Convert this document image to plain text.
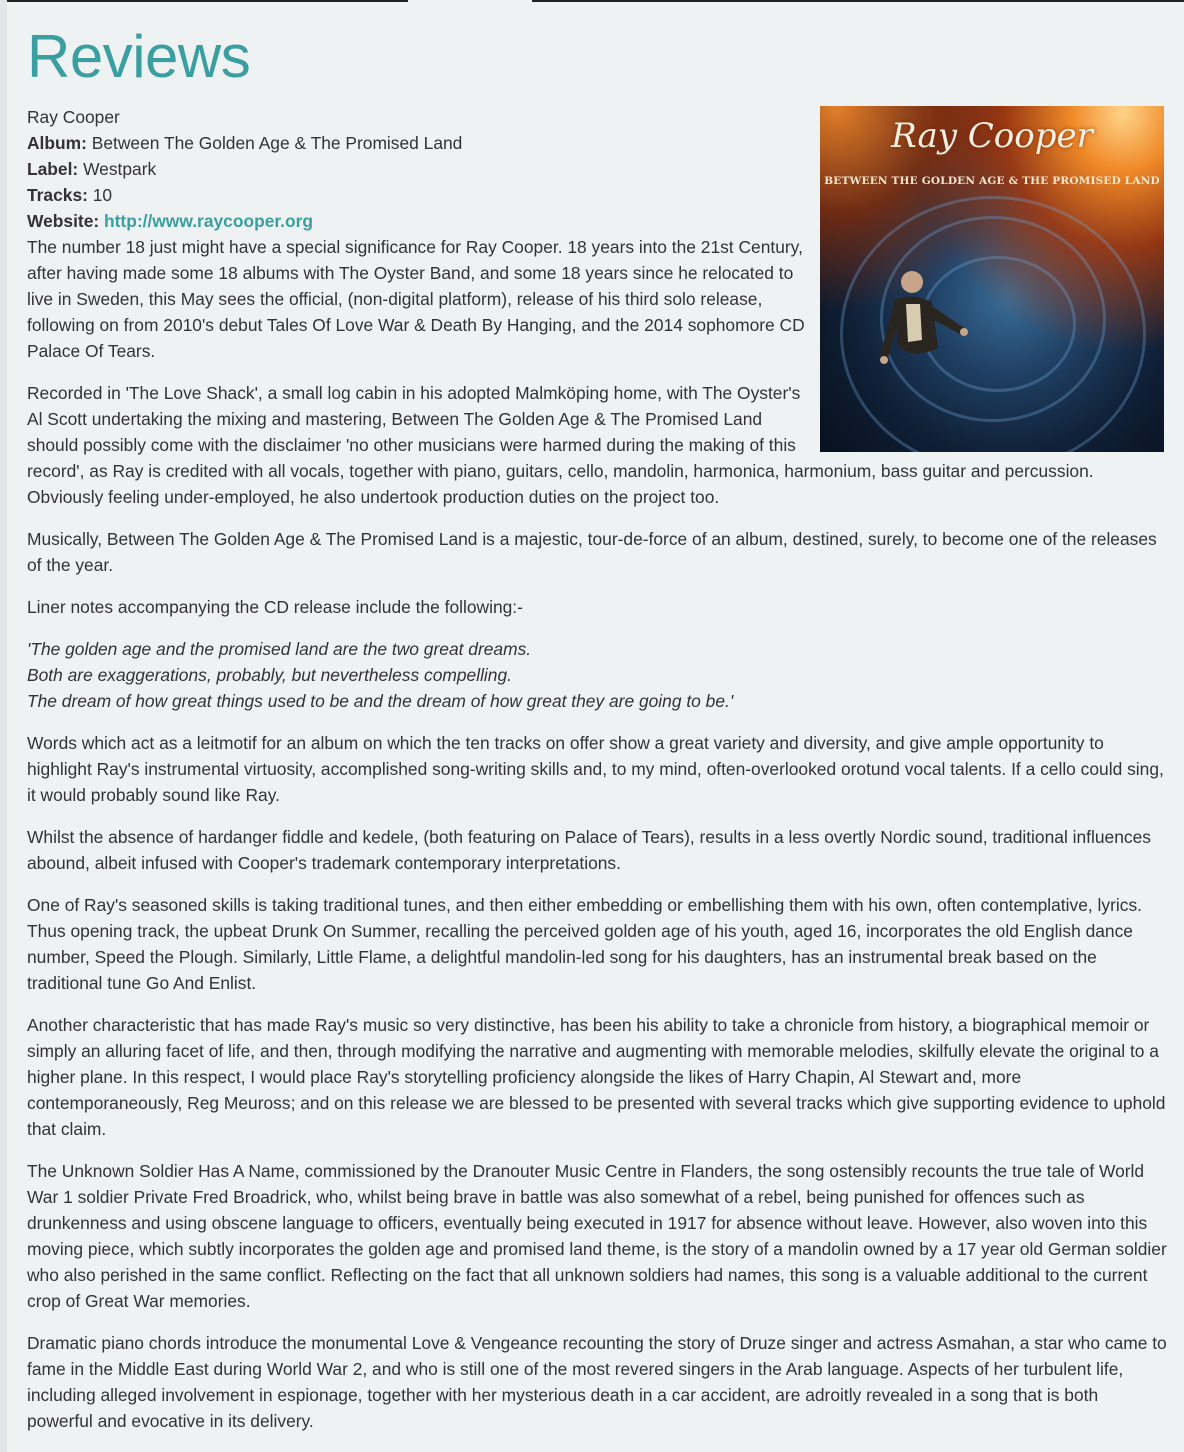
Reviews
Ray Cooper
BETWEEN THE GOLDEN AGE & THE PROMISED LAND
Ray Cooper
Album: Between The Golden Age & The Promised Land
Label: Westpark
Tracks: 10
Website: http://www.raycooper.org

The number 18 just might have a special significance for Ray Cooper. 18 years into the 21st Century, after having made some 18 albums with The Oyster Band, and some 18 years since he relocated to live in Sweden, this May sees the official, (non-digital platform), release of his third solo release, following on from 2010's debut Tales Of Love War & Death By Hanging, and the 2014 sophomore CD Palace Of Tears.

Recorded in 'The Love Shack', a small log cabin in his adopted Malmköping home, with The Oyster's Al Scott undertaking the mixing and mastering, Between The Golden Age & The Promised Land should possibly come with the disclaimer 'no other musicians were harmed during the making of this record', as Ray is credited with all vocals, together with piano, guitars, cello, mandolin, harmonica, harmonium, bass guitar and percussion. Obviously feeling under-employed, he also undertook production duties on the project too.

Musically, Between The Golden Age & The Promised Land is a majestic, tour-de-force of an album, destined, surely, to become one of the releases of the year.

Liner notes accompanying the CD release include the following:-

'The golden age and the promised land are the two great dreams.
Both are exaggerations, probably, but nevertheless compelling.
The dream of how great things used to be and the dream of how great they are going to be.'

Words which act as a leitmotif for an album on which the ten tracks on offer show a great variety and diversity, and give ample opportunity to highlight Ray's instrumental virtuosity, accomplished song-writing skills and, to my mind, often-overlooked orotund vocal talents. If a cello could sing, it would probably sound like Ray.

Whilst the absence of hardanger fiddle and kedele, (both featuring on Palace of Tears), results in a less overtly Nordic sound, traditional influences abound, albeit infused with Cooper's trademark contemporary interpretations.

One of Ray's seasoned skills is taking traditional tunes, and then either embedding or embellishing them with his own, often contemplative, lyrics. Thus opening track, the upbeat Drunk On Summer, recalling the perceived golden age of his youth, aged 16, incorporates the old English dance number, Speed the Plough. Similarly, Little Flame, a delightful mandolin-led song for his daughters, has an instrumental break based on the traditional tune Go And Enlist.

Another characteristic that has made Ray's music so very distinctive, has been his ability to take a chronicle from history, a biographical memoir or simply an alluring facet of life, and then, through modifying the narrative and augmenting with memorable melodies, skilfully elevate the original to a higher plane. In this respect, I would place Ray's storytelling proficiency alongside the likes of Harry Chapin, Al Stewart and, more contemporaneously, Reg Meuross; and on this release we are blessed to be presented with several tracks which give supporting evidence to uphold that claim.

The Unknown Soldier Has A Name, commissioned by the Dranouter Music Centre in Flanders, the song ostensibly recounts the true tale of World War 1 soldier Private Fred Broadrick, who, whilst being brave in battle was also somewhat of a rebel, being punished for offences such as drunkenness and using obscene language to officers, eventually being executed in 1917 for absence without leave. However, also woven into this moving piece, which subtly incorporates the golden age and promised land theme, is the story of a mandolin owned by a 17 year old German soldier who also perished in the same conflict. Reflecting on the fact that all unknown soldiers had names, this song is a valuable additional to the current crop of Great War memories.

Dramatic piano chords introduce the monumental Love & Vengeance recounting the story of Druze singer and actress Asmahan, a star who came to fame in the Middle East during World War 2, and who is still one of the most revered singers in the Arab language. Aspects of her turbulent life, including alleged involvement in espionage, together with her mysterious death in a car accident, are adroitly revealed in a song that is both powerful and evocative in its delivery.
